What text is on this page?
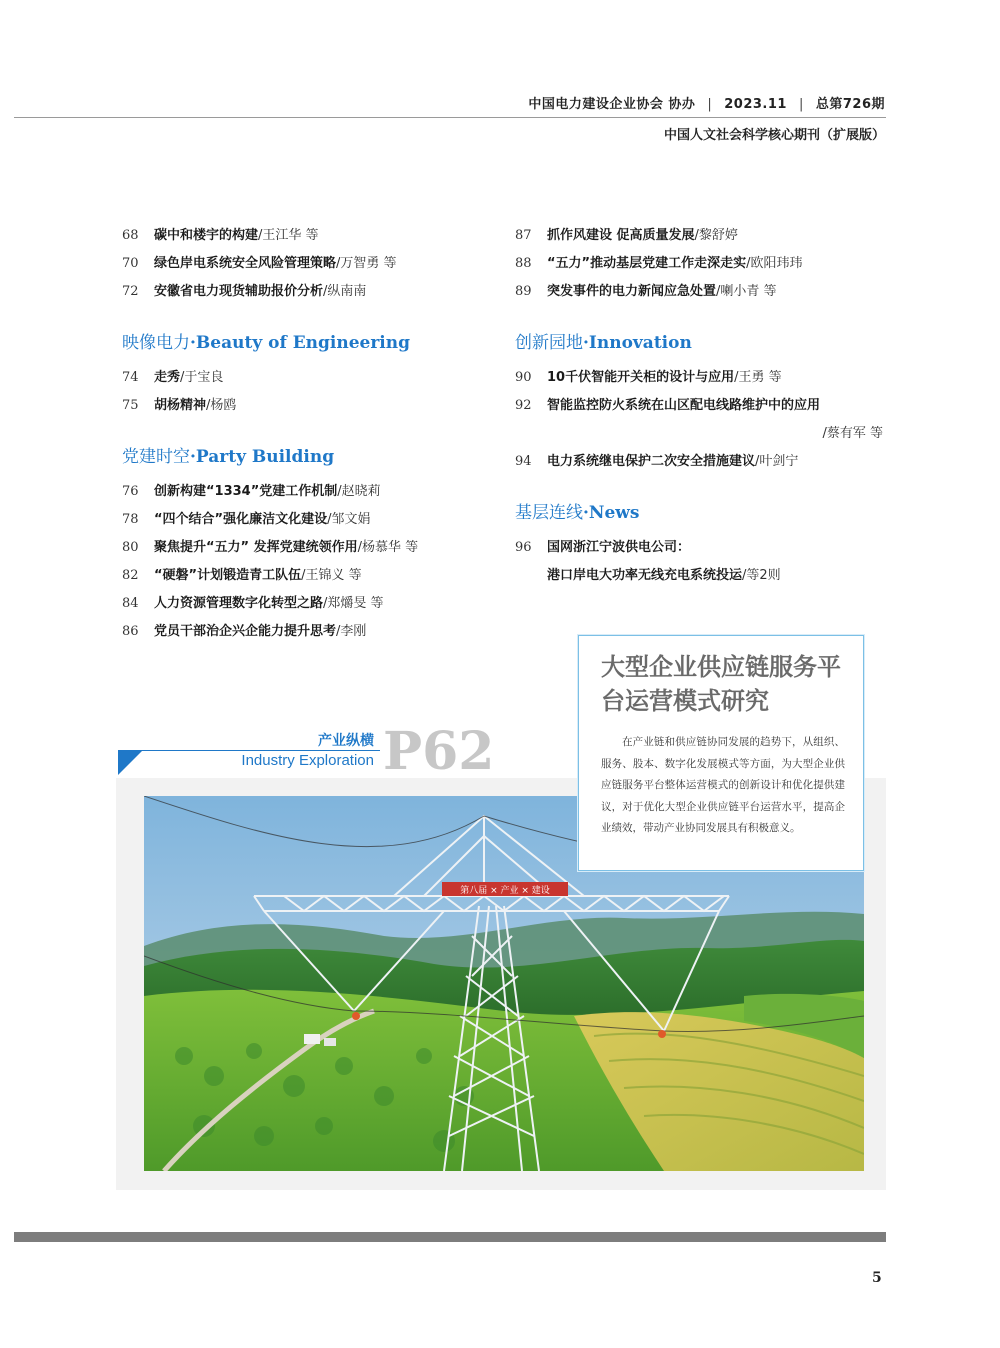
中国电力建设企业协会 协办 | 2023.11 | 总第726期
中国人文社会科学核心期刊（扩展版）
68 碳中和楼宇的构建/王江华 等
70 绿色岸电系统安全风险管理策略/万智勇 等
72 安徽省电力现货辅助报价分析/纵南南
映像电力·Beauty of Engineering
74 走秀/于宝良
75 胡杨精神/杨鸥
党建时空·Party Building
76 创新构建“1334”党建工作机制/赵晓莉
78 “四个结合”强化廉洁文化建设/邹文娟
80 聚焦提升“五力” 发挥党建统领作用/杨慕华 等
82 “硬磐”计划锻造青工队伍/王锦义 等
84 人力资源管理数字化转型之路/郑爝旻 等
86 党员干部治企兴企能力提升思考/李刚
87 抓作风建设 促高质量发展/黎舒婷
88 “五力”推动基层党建工作走深走实/欧阳玮玮
89 突发事件的电力新闻应急处置/喇小青 等
创新园地·Innovation
90 10千伏智能开关柜的设计与应用/王勇 等
92 智能监控防火系统在山区配电线路维护中的应用
/蔡有军 等
94 电力系统继电保护二次安全措施建议/叶剑宁
基层连线·News
96 国网浙江宁波供电公司：
港口岸电大功率无线充电系统投运/等2则
第八届 × 产业 × 建设
产业纵横
Industry Exploration P62
大型企业供应链服务平台运营模式研究
在产业链和供应链协同发展的趋势下，从组织、服务、股本、数字化发展模式等方面，为大型企业供应链服务平台整体运营模式的创新设计和优化提供建议，对于优化大型企业供应链平台运营水平，提高企业绩效，带动产业协同发展具有积极意义。
5
